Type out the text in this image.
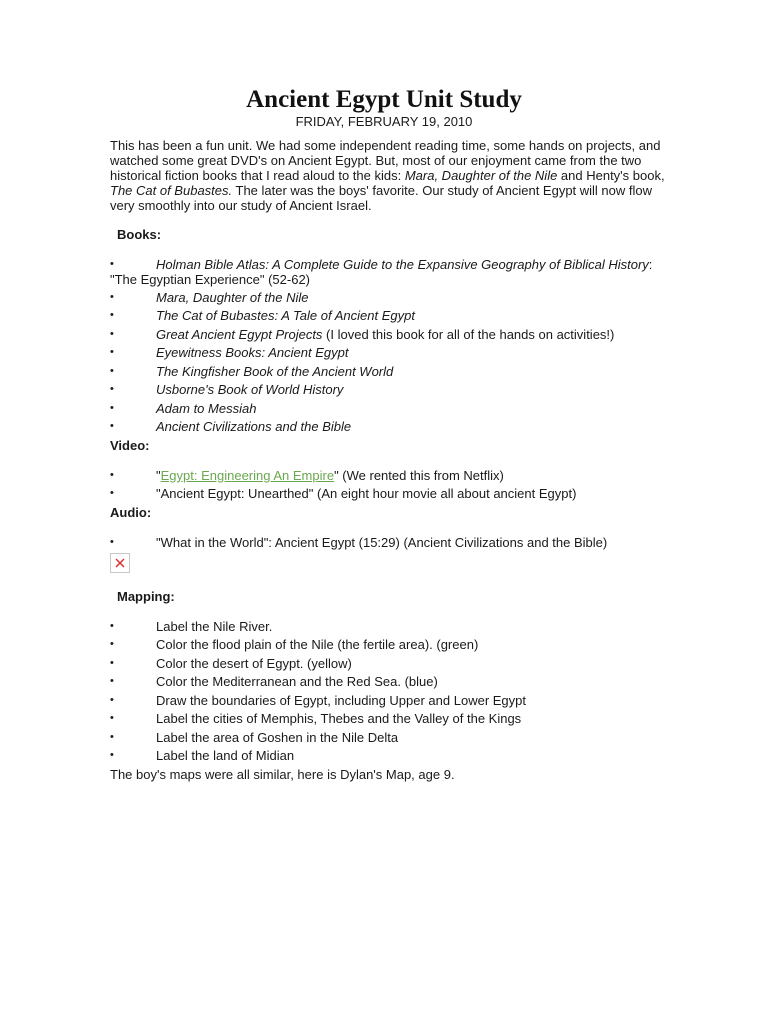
Ancient Egypt Unit Study
FRIDAY, FEBRUARY 19, 2010
This has been a fun unit. We had some independent reading time, some hands on projects, and watched some great DVD's on Ancient Egypt. But, most of our enjoyment came from the two historical fiction books that I read aloud to the kids: Mara, Daughter of the Nile and Henty's book, The Cat of Bubastes. The later was the boys' favorite. Our study of Ancient Egypt will now flow very smoothly into our study of Ancient Israel.
Books:
•	Holman Bible Atlas: A Complete Guide to the Expansive Geography of Biblical History: "The Egyptian Experience" (52-62)
•	Mara, Daughter of the Nile
•	The Cat of Bubastes: A Tale of Ancient Egypt
•	Great Ancient Egypt Projects (I loved this book for all of the hands on activities!)
•	Eyewitness Books: Ancient Egypt
•	The Kingfisher Book of the Ancient World
•	Usborne's Book of World History
•	Adam to Messiah
•	Ancient Civilizations and the Bible
Video:
•	"Egypt: Engineering An Empire" (We rented this from Netflix)
•	"Ancient Egypt: Unearthed" (An eight hour movie all about ancient Egypt)
Audio:
•	"What in the World": Ancient Egypt (15:29) (Ancient Civilizations and the Bible)
Mapping:
•	Label the Nile River.
•	Color the flood plain of the Nile (the fertile area). (green)
•	Color the desert of Egypt. (yellow)
•	Color the Mediterranean and the Red Sea. (blue)
•	Draw the boundaries of Egypt, including Upper and Lower Egypt
•	Label the cities of Memphis, Thebes and the Valley of the Kings
•	Label the area of Goshen in the Nile Delta
•	Label the land of Midian
The boy's maps were all similar, here is Dylan's Map, age 9.
